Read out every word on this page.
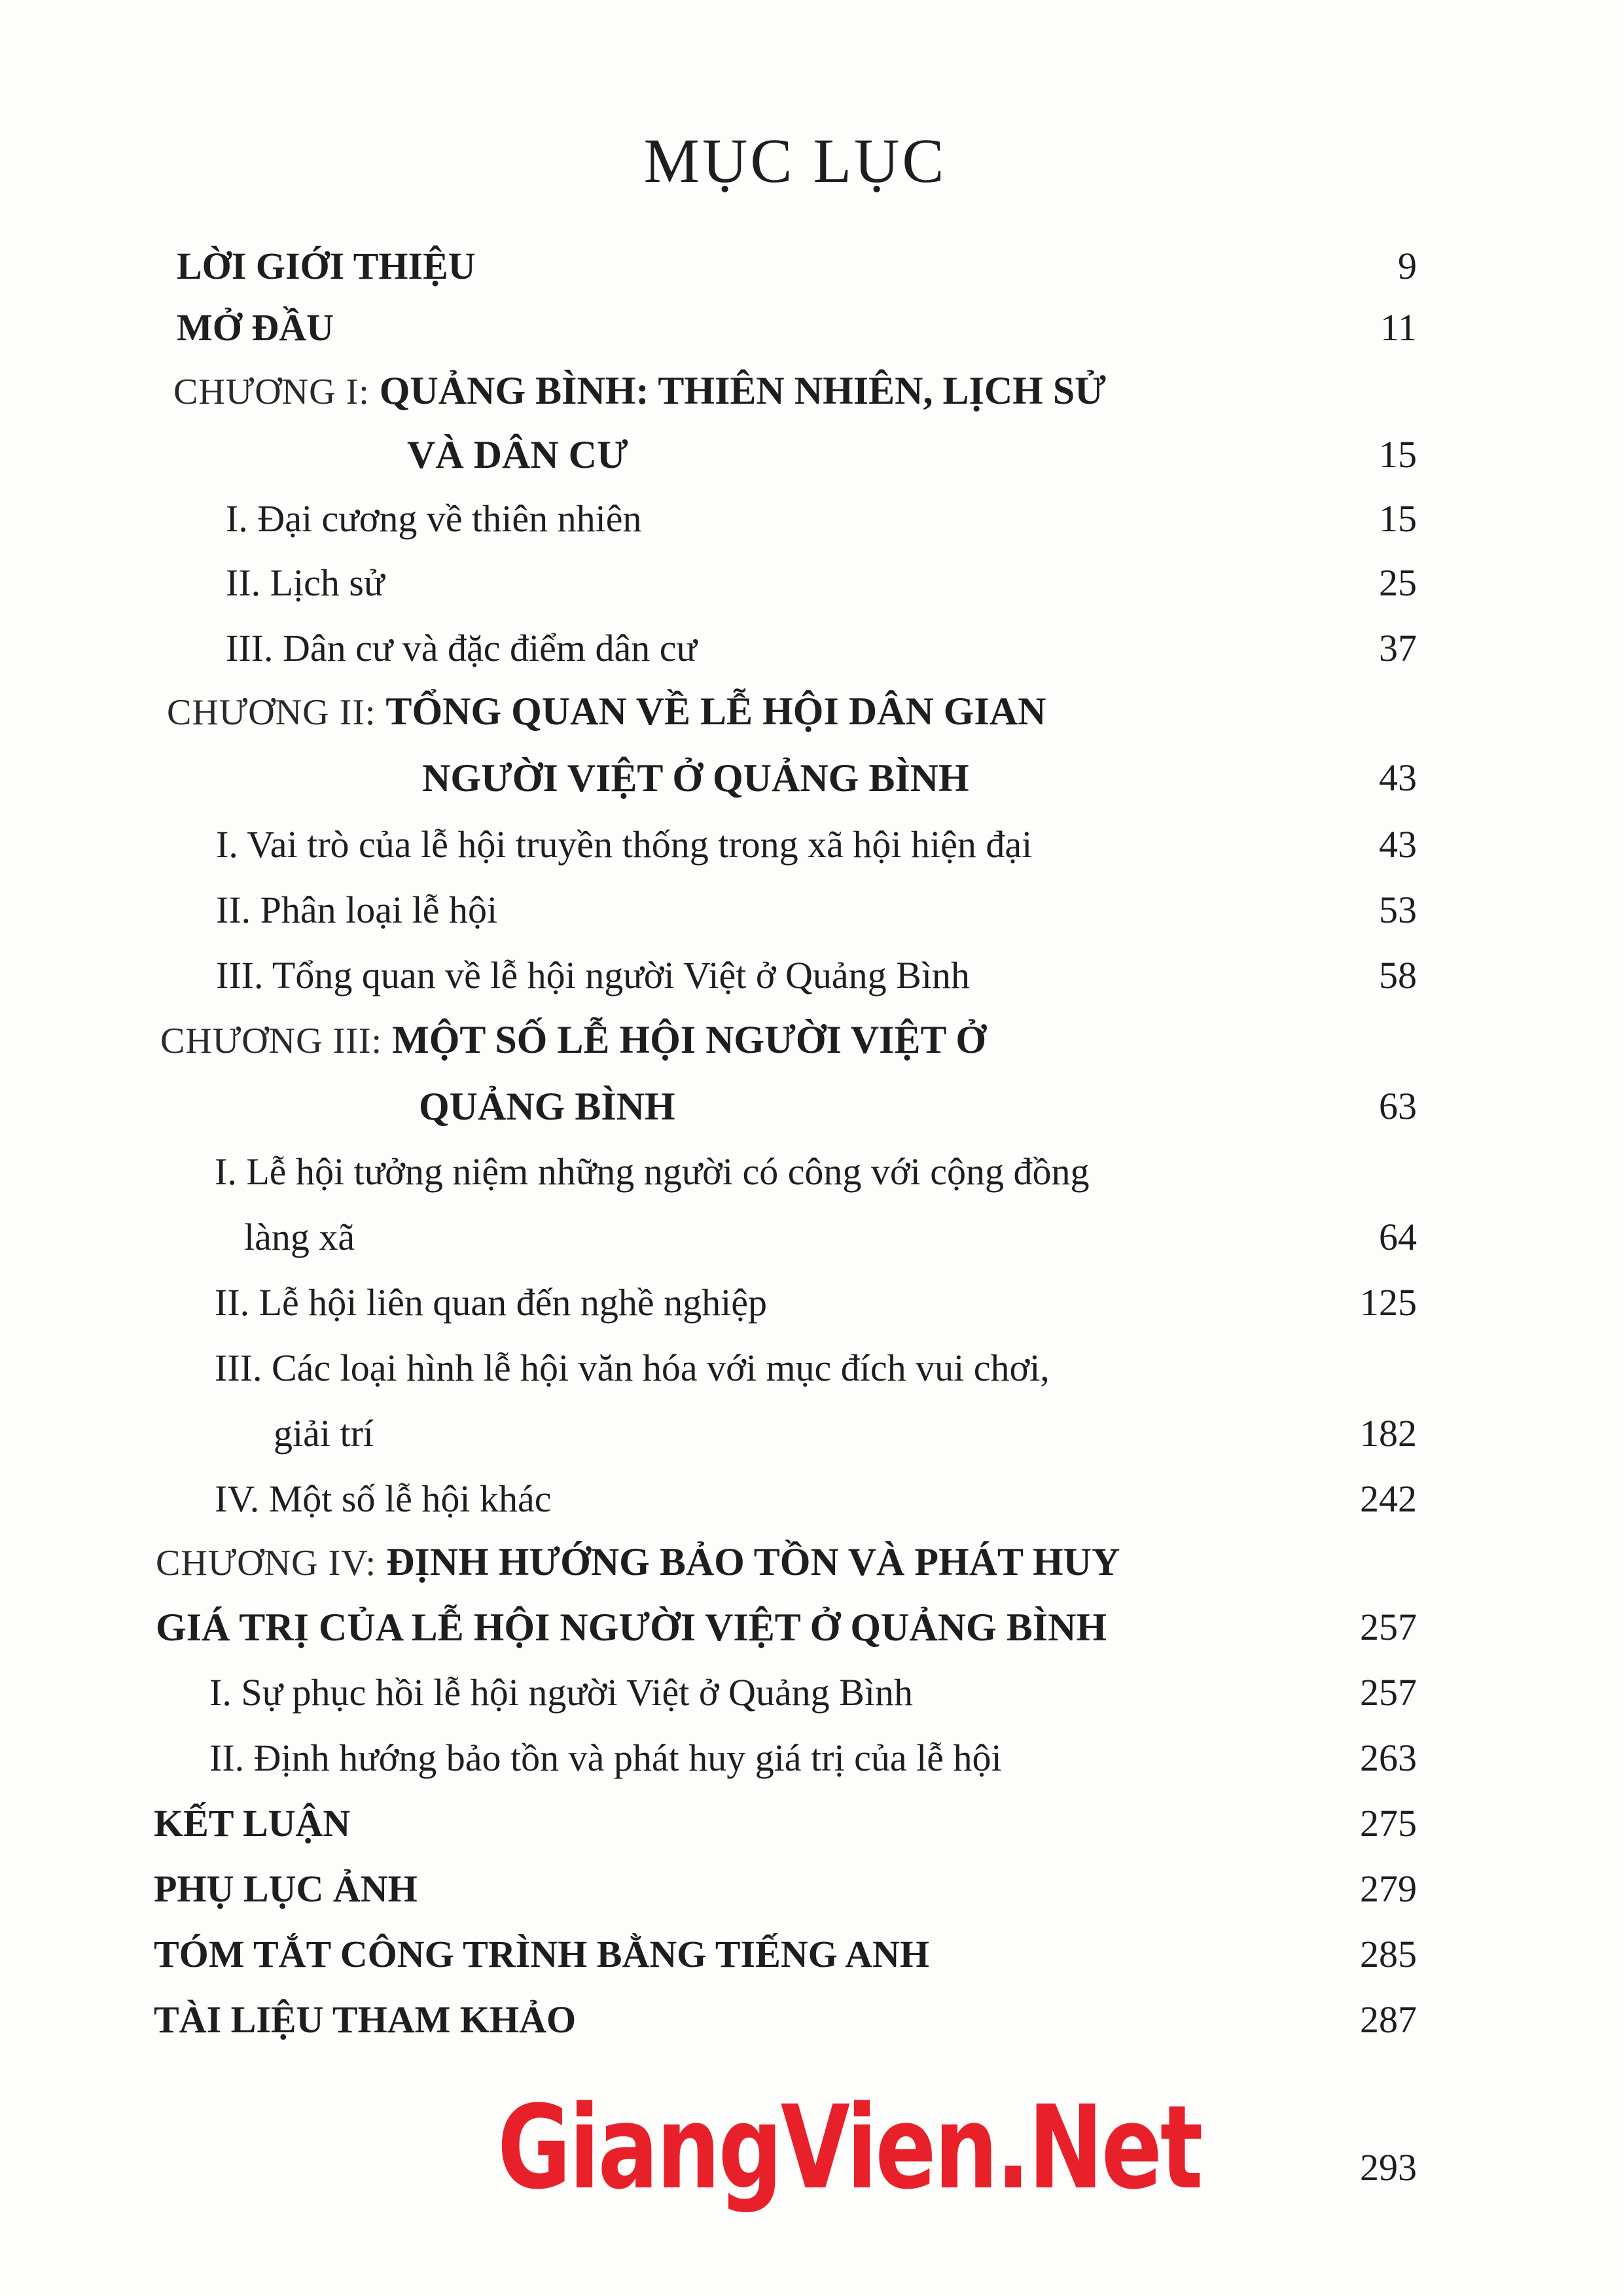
MỤC LỤC
LỜI GIỚI THIỆU	9
MỞ ĐẦU	11
CHƯƠNG I: QUẢNG BÌNH: THIÊN NHIÊN, LỊCH SỬ
VÀ DÂN CƯ	15
I. Đại cương về thiên nhiên	15
II. Lịch sử	25
III. Dân cư và đặc điểm dân cư	37
CHƯƠNG II: TỔNG QUAN VỀ LỄ HỘI DÂN GIAN
NGƯỜI VIỆT Ở QUẢNG BÌNH	43
I. Vai trò của lễ hội truyền thống trong xã hội hiện đại	43
II. Phân loại lễ hội	53
III. Tổng quan về lễ hội người Việt ở Quảng Bình	58
CHƯƠNG III: MỘT SỐ LỄ HỘI NGƯỜI VIỆT Ở
QUẢNG BÌNH	63
I. Lễ hội tưởng niệm những người có công với cộng đồng
làng xã	64
II. Lễ hội liên quan đến nghề nghiệp	125
III. Các loại hình lễ hội văn hóa với mục đích vui chơi,
giải trí	182
IV. Một số lễ hội khác	242
CHƯƠNG IV: ĐỊNH HƯỚNG BẢO TỒN VÀ PHÁT HUY
GIÁ TRỊ CỦA LỄ HỘI NGƯỜI VIỆT Ở QUẢNG BÌNH	257
I. Sự phục hồi lễ hội người Việt ở Quảng Bình	257
II. Định hướng bảo tồn và phát huy giá trị của lễ hội	263
KẾT LUẬN	275
PHỤ LỤC ẢNH	279
TÓM TẮT CÔNG TRÌNH BẰNG TIẾNG ANH	285
TÀI LIỆU THAM KHẢO	287
293
GiangVien.Net
